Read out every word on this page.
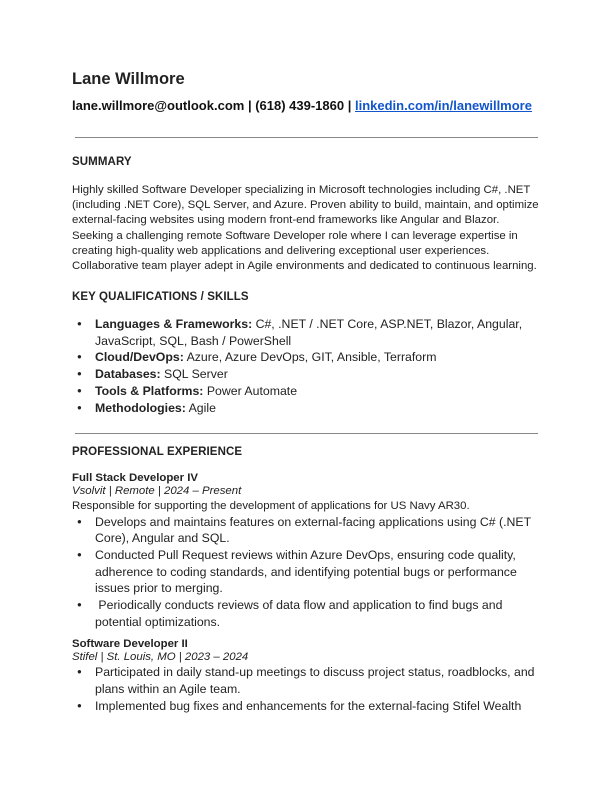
Lane Willmore
lane.willmore@outlook.com | (618) 439-1860 | linkedin.com/in/lanewillmore
SUMMARY
Highly skilled Software Developer specializing in Microsoft technologies including C#, .NET (including .NET Core), SQL Server, and Azure. Proven ability to build, maintain, and optimize external-facing websites using modern front-end frameworks like Angular and Blazor. Seeking a challenging remote Software Developer role where I can leverage expertise in creating high-quality web applications and delivering exceptional user experiences. Collaborative team player adept in Agile environments and dedicated to continuous learning.
KEY QUALIFICATIONS / SKILLS
● Languages & Frameworks: C#, .NET / .NET Core, ASP.NET, Blazor, Angular, JavaScript, SQL, Bash / PowerShell
● Cloud/DevOps: Azure, Azure DevOps, GIT, Ansible, Terraform
● Databases: SQL Server
● Tools & Platforms: Power Automate
● Methodologies: Agile
PROFESSIONAL EXPERIENCE
Full Stack Developer IV
Vsolvit | Remote | 2024 – Present
Responsible for supporting the development of applications for US Navy AR30.
● Develops and maintains features on external-facing applications using C# (.NET Core), Angular and SQL.
● Conducted Pull Request reviews within Azure DevOps, ensuring code quality, adherence to coding standards, and identifying potential bugs or performance issues prior to merging.
●  Periodically conducts reviews of data flow and application to find bugs and potential optimizations.
Software Developer II
Stifel | St. Louis, MO | 2023 – 2024
● Participated in daily stand-up meetings to discuss project status, roadblocks, and plans within an Agile team.
● Implemented bug fixes and enhancements for the external-facing Stifel Wealth
